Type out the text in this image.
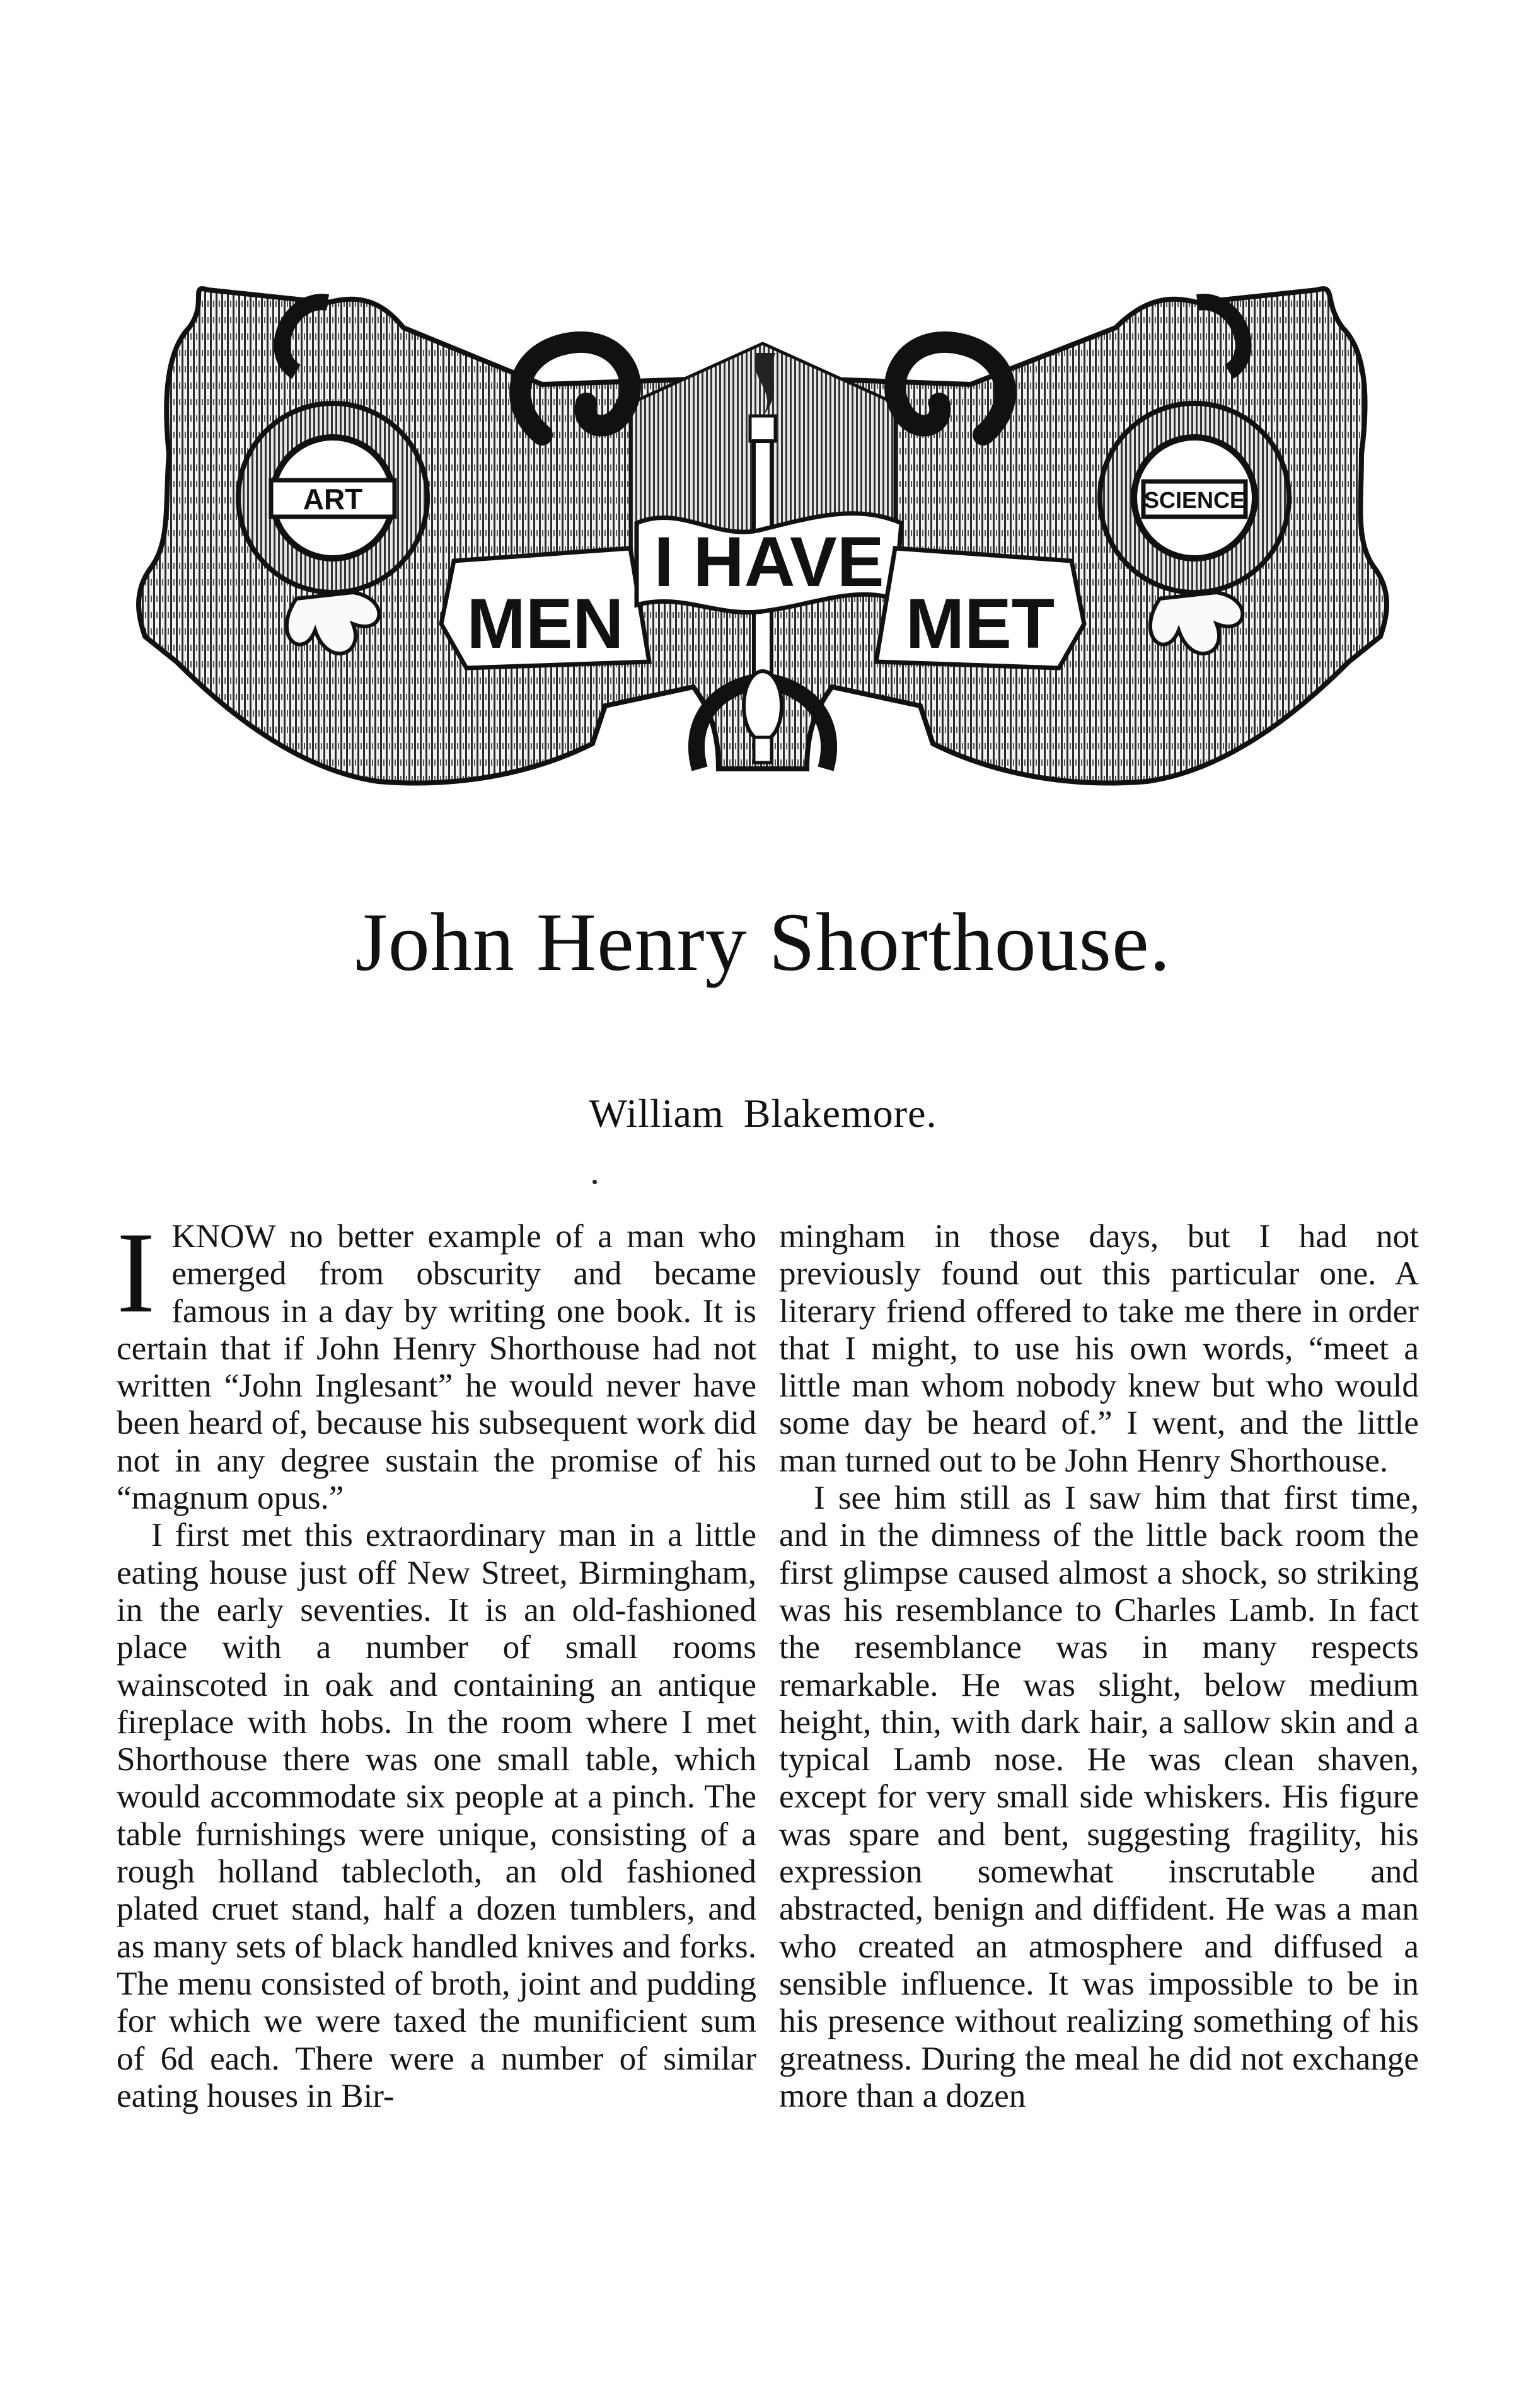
ART	SCIENCE
MEN
I HAVE
MET
John Henry Shorthouse.
William Blakemore.

I KNOW no better example of a man who emerged from obscurity and became famous in a day by writing one book. It is certain that if John Henry Shorthouse had not written “John Inglesant” he would never have been heard of, because his subsequent work did not in any degree sustain the promise of his “magnum opus.”

I first met this extraordinary man in a little eating house just off New Street, Birmingham, in the early seventies. It is an old-fashioned place with a number of small rooms wainscoted in oak and containing an antique fireplace with hobs. In the room where I met Shorthouse there was one small table, which would accommodate six people at a pinch. The table furnishings were unique, consisting of a rough holland tablecloth, an old fashioned plated cruet stand, half a dozen tumblers, and as many sets of black handled knives and forks. The menu consisted of broth, joint and pudding for which we were taxed the munificient sum of 6d each. There were a number of similar eating houses in Bir-

mingham in those days, but I had not previously found out this particular one. A literary friend offered to take me there in order that I might, to use his own words, “meet a little man whom nobody knew but who would some day be heard of.” I went, and the little man turned out to be John Henry Shorthouse.

I see him still as I saw him that first time, and in the dimness of the little back room the first glimpse caused almost a shock, so striking was his resemblance to Charles Lamb. In fact the resemblance was in many respects remarkable. He was slight, below medium height, thin, with dark hair, a sallow skin and a typical Lamb nose. He was clean shaven, except for very small side whiskers. His figure was spare and bent, suggesting fragility, his expression somewhat inscrutable and abstracted, benign and diffident. He was a man who created an atmosphere and diffused a sensible influence. It was impossible to be in his presence without realizing something of his greatness. During the meal he did not exchange more than a dozen
